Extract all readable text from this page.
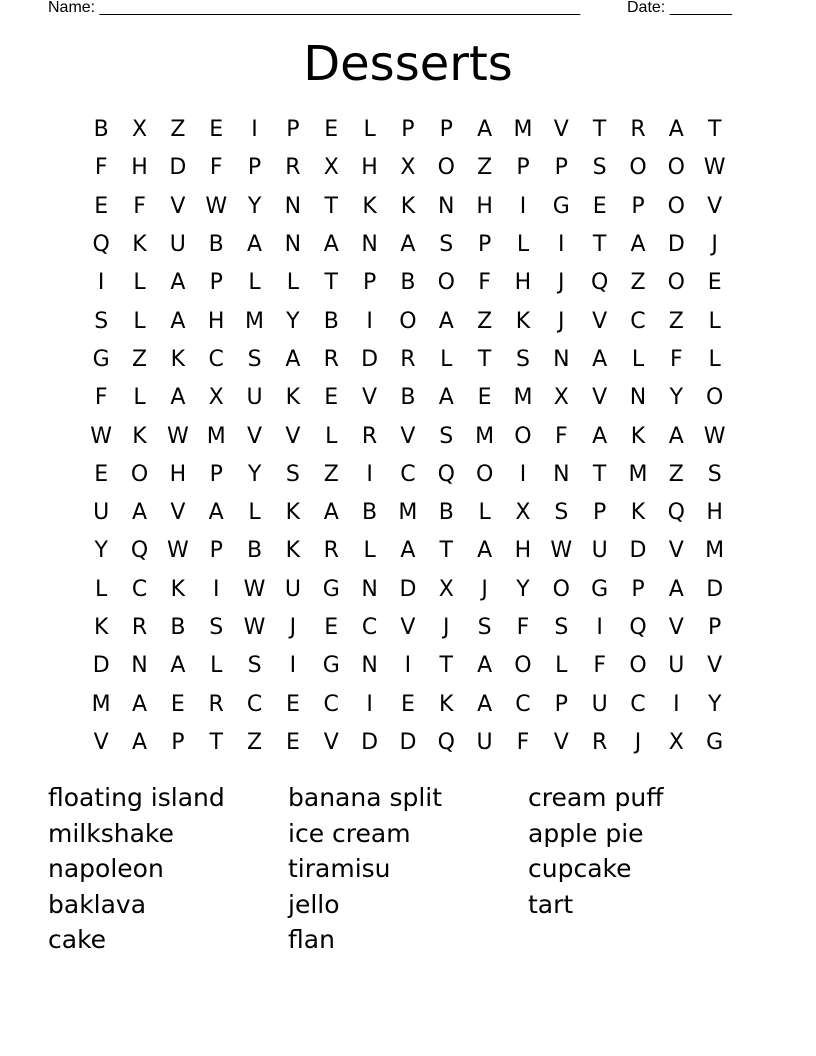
Name: ______________________________________________________	Date: _______
Desserts
B	X	Z	E	I	P	E	L	P	P	A M V	T	R	A	T
F	H D	F	P	R	X	H	X	O	Z	P	P	S	O O W
E	F	V W Y	N	T	K	K	N H	I	G	E	P	O	V
Q	K	U	B	A	N	A	N	A	S	P	L	I	T	A	D	J
I	L	A	P	L	L	T	P	B	O	F	H	J	Q	Z	O	E
S	L	A	H M	Y	B	I	O	A	Z	K	J	V	C	Z	L
G	Z	K	C	S	A	R	D	R	L	T	S	N	A	L	F	L
F	L	A	X	U	K	E	V	B	A	E M X	V	N	Y	O
W K W M V	V	L	R	V	S M O	F	A	K	A W
E	O H	P	Y	S	Z	I	C Q O	I	N	T	M Z	S
U	A	V	A	L	K	A	B M B	L	X	S	P	K	Q H
Y	Q W P	B	K	R	L	A	T	A	H W U D	V M
L	C	K	I	W U G N D	X	J	Y	O G	P	A	D
K	R	B	S W	J	E	C	V	J	S	F	S	I	Q	V	P
D N	A	L	S	I	G N	I	T	A	O	L	F	O U	V
M A	E	R	C	E	C	I	E	K	A	C	P	U	C	I	Y
V	A	P	T	Z	E	V	D D Q U	F	V	R	J	X	G
floating island
milkshake
napoleon
baklava
cake
banana split
ice cream
tiramisu
jello
flan
cream puff
apple pie
cupcake
tart
